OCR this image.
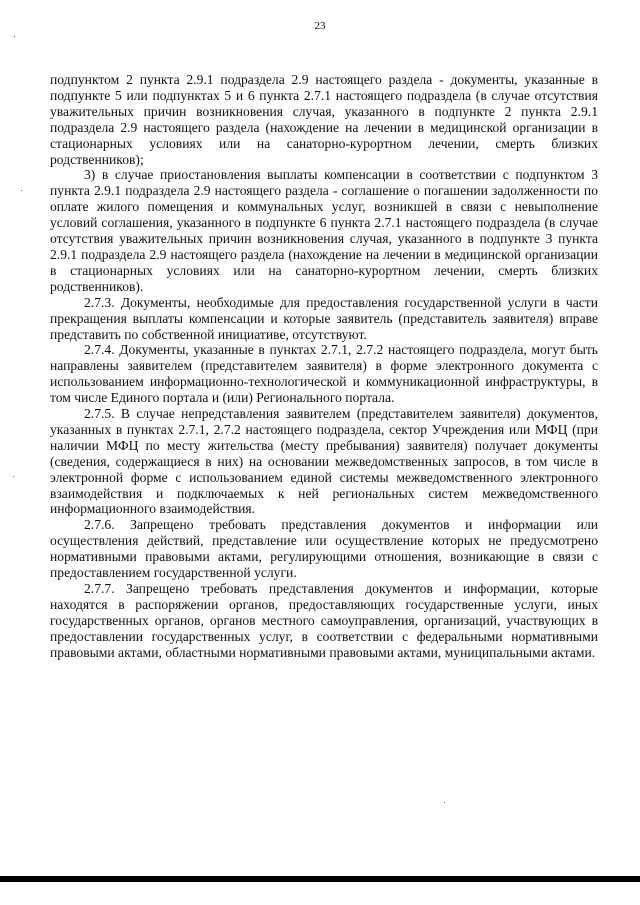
23

подпунктом 2 пункта 2.9.1 подраздела 2.9 настоящего раздела - документы, указанные в подпункте 5 или подпунктах 5 и 6 пункта 2.7.1 настоящего подраздела (в случае отсутствия уважительных причин возникновения случая, указанного в подпункте 2 пункта 2.9.1 подраздела 2.9 настоящего раздела (нахождение на лечении в медицинской организации в стационарных условиях или на санаторно-курортном лечении, смерть близких родственников);

3) в случае приостановления выплаты компенсации в соответствии с подпунктом 3 пункта 2.9.1 подраздела 2.9 настоящего раздела - соглашение о погашении задолженности по оплате жилого помещения и коммунальных услуг, возникшей в связи с невыполнение условий соглашения, указанного в подпункте 6 пункта 2.7.1 настоящего подраздела (в случае отсутствия уважительных причин возникновения случая, указанного в подпункте 3 пункта 2.9.1 подраздела 2.9 настоящего раздела (нахождение на лечении в медицинской организации в стационарных условиях или на санаторно-курортном лечении, смерть близких родственников).

2.7.3. Документы, необходимые для предоставления государственной услуги в части прекращения выплаты компенсации и которые заявитель (представитель заявителя) вправе представить по собственной инициативе, отсутствуют.

2.7.4. Документы, указанные в пунктах 2.7.1, 2.7.2 настоящего подраздела, могут быть направлены заявителем (представителем заявителя) в форме электронного документа с использованием информационно-технологической и коммуникационной инфраструктуры, в том числе Единого портала и (или) Регионального портала.

2.7.5. В случае непредставления заявителем (представителем заявителя) документов, указанных в пунктах 2.7.1, 2.7.2 настоящего подраздела, сектор Учреждения или МФЦ (при наличии МФЦ по месту жительства (месту пребывания) заявителя) получает документы (сведения, содержащиеся в них) на основании межведомственных запросов, в том числе в электронной форме с использованием единой системы межведомственного электронного взаимодействия и подключаемых к ней региональных систем межведомственного информационного взаимодействия.

2.7.6. Запрещено требовать представления документов и информации или осуществления действий, представление или осуществление которых не предусмотрено нормативными правовыми актами, регулирующими отношения, возникающие в связи с предоставлением государственной услуги.

2.7.7. Запрещено требовать представления документов и информации, которые находятся в распоряжении органов, предоставляющих государственные услуги, иных государственных органов, органов местного самоуправления, организаций, участвующих в предоставлении государственных услуг, в соответствии с федеральными нормативными правовыми актами, областными нормативными правовыми актами, муниципальными актами.
